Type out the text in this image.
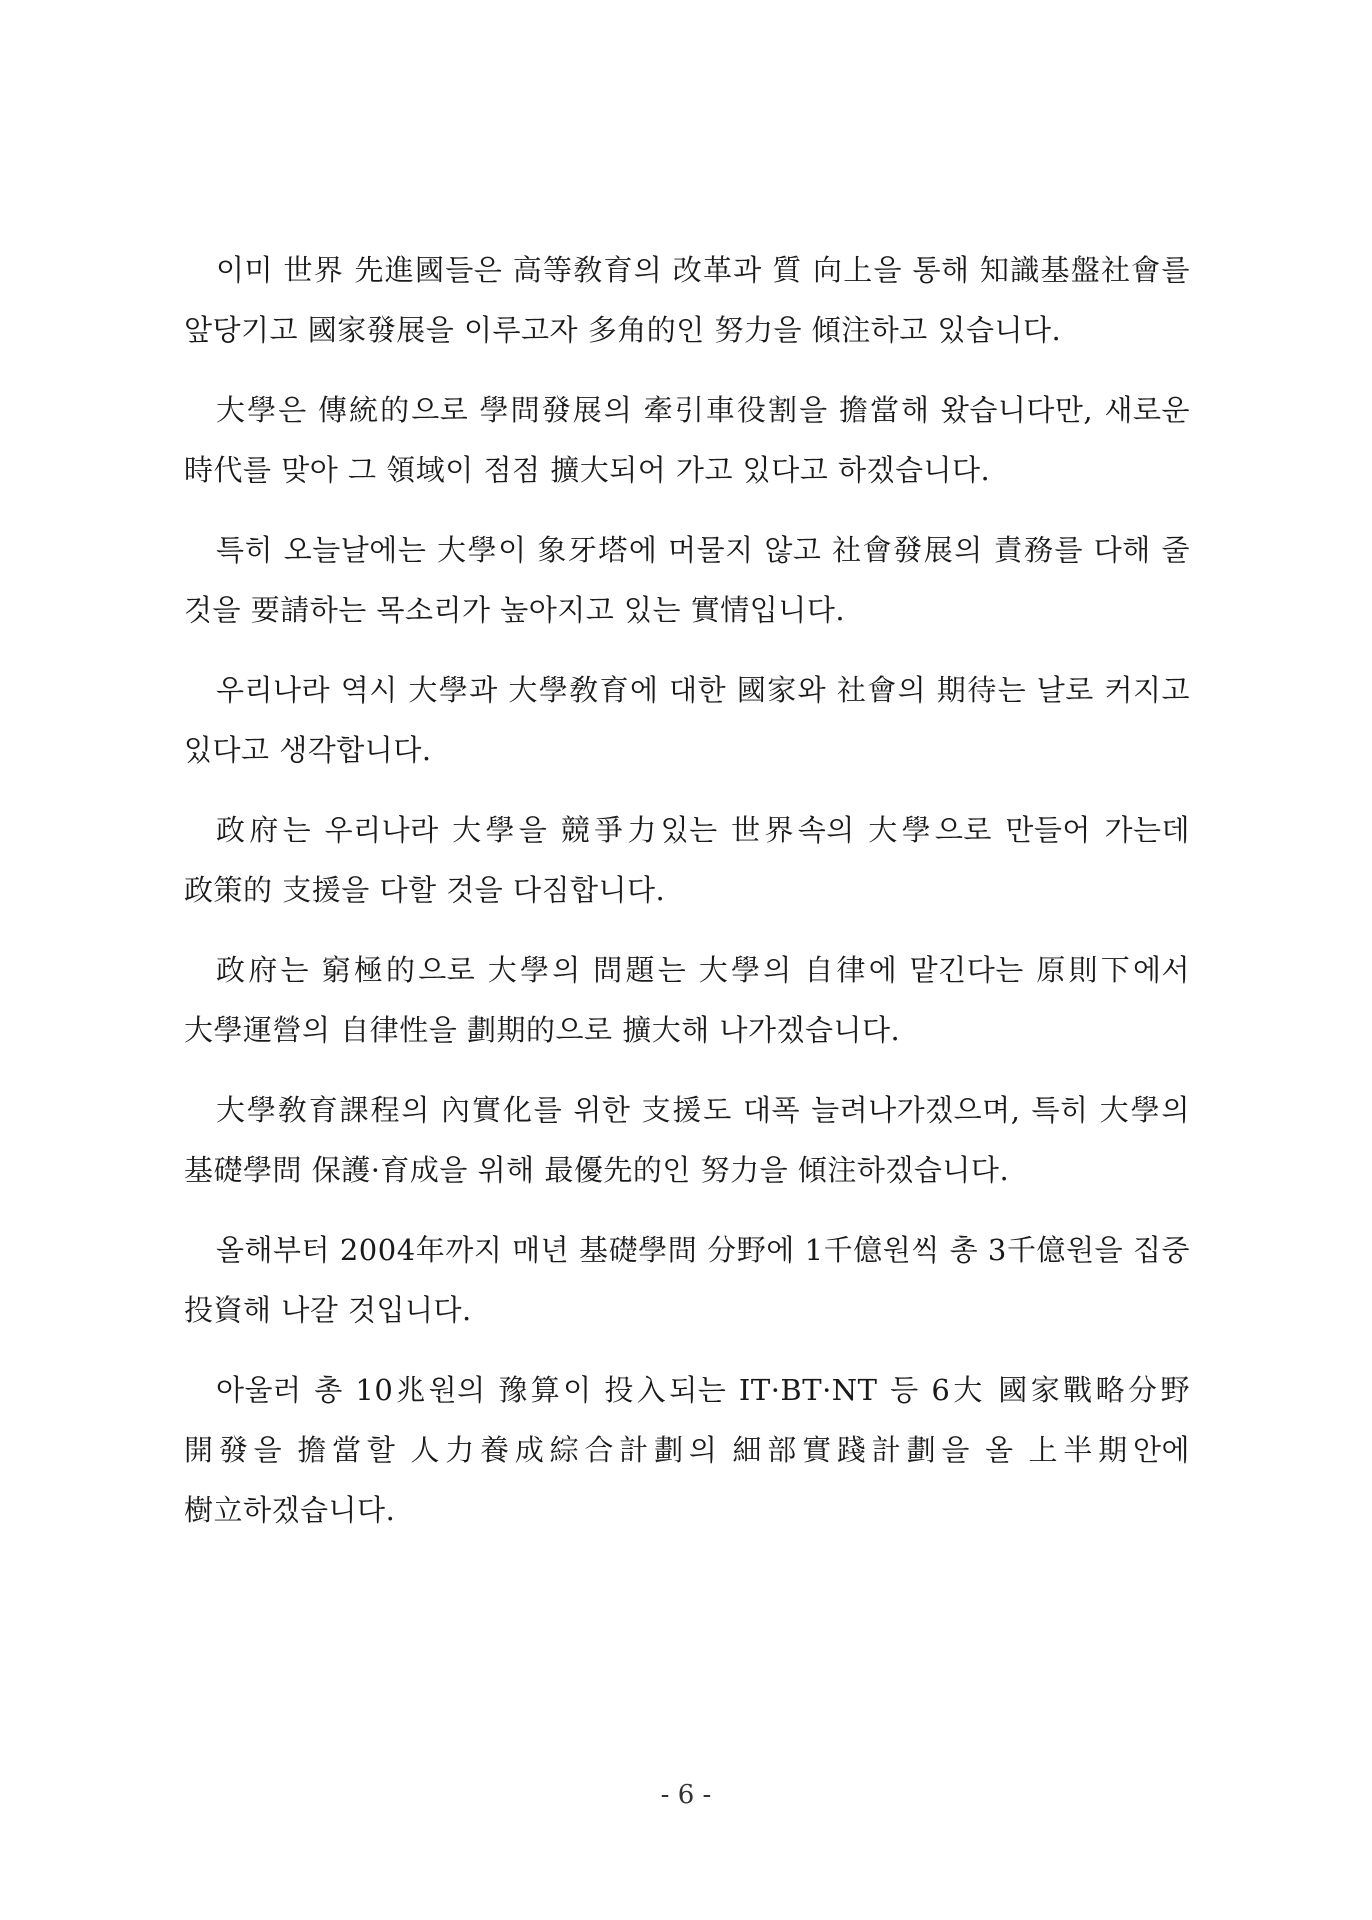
이미 世界 先進國들은 高等敎育의 改革과 質 向上을 통해 知識基盤社會를 앞당기고 國家發展을 이루고자 多角的인 努力을 傾注하고 있습니다.

大學은 傳統的으로 學問發展의 牽引車役割을 擔當해 왔습니다만, 새로운 時代를 맞아 그 領域이 점점 擴大되어 가고 있다고 하겠습니다.

특히 오늘날에는 大學이 象牙塔에 머물지 않고 社會發展의 責務를 다해 줄 것을 要請하는 목소리가 높아지고 있는 實情입니다.

우리나라 역시 大學과 大學敎育에 대한 國家와 社會의 期待는 날로 커지고 있다고 생각합니다.

政府는 우리나라 大學을 競爭力있는 世界속의 大學으로 만들어 가는데 政策的 支援을 다할 것을 다짐합니다.

政府는 窮極的으로 大學의 問題는 大學의 自律에 맡긴다는 原則下에서 大學運營의 自律性을 劃期的으로 擴大해 나가겠습니다.

大學敎育課程의 內實化를 위한 支援도 대폭 늘려나가겠으며, 특히 大學의 基礎學問 保護·育成을 위해 最優先的인 努力을 傾注하겠습니다.

올해부터 2004年까지 매년 基礎學問 分野에 1千億원씩 총 3千億원을 집중 投資해 나갈 것입니다.

아울러 총 10兆원의 豫算이 投入되는 IT·BT·NT 등 6大 國家戰略分野 開發을 擔當할 人力養成綜合計劃의 細部實踐計劃을 올 上半期안에 樹立하겠습니다.

- 6 -
